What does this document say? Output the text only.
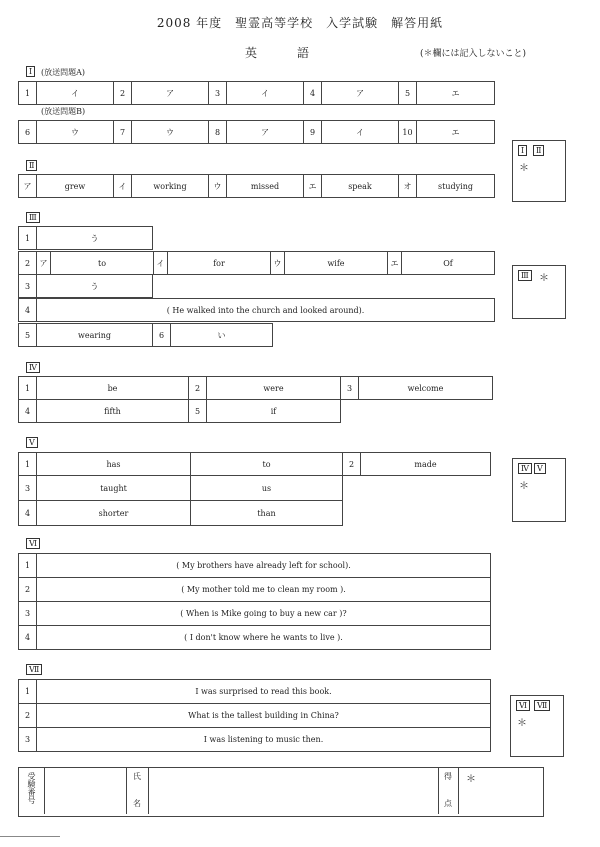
2008 年度　聖霊高等学校　入学試験　解答用紙
英　語	(＊欄には記入しないこと)
Ⅰ	(放送問題A)
1	イ	2	ア	3	イ	4	ア	5	エ
(放送問題B)
6	ウ	7	ウ	8	ア	9	イ	10	エ
Ⅱ
ア	grew	イ	working	ウ	missed	エ	speak	オ	studying
Ⅰ	Ⅱ
＊
Ⅲ
1	う
2	ア	to	イ	for	ウ	wife	エ	Of
3	う
4	( He walked into the church and looked around).
5	wearing	6	い
Ⅲ	＊
Ⅳ
1	be	2	were	3	welcome
4	fifth	5	if
Ⅴ
1	has	to	2	made
3	taught	us
4	shorter	than
Ⅳ	Ⅴ
＊
Ⅵ
1	( My brothers have already left for school).
2	( My mother told me to clean my room ).
3	( When is Mike going to buy a new car )?
4	( I don't know where he wants to live ).
Ⅶ
1	I was surprised to read this book.
2	What is the tallest building in China?
3	I was listening to music then.
Ⅵ	Ⅶ
＊
受験番号	氏
名
得
点
＊
